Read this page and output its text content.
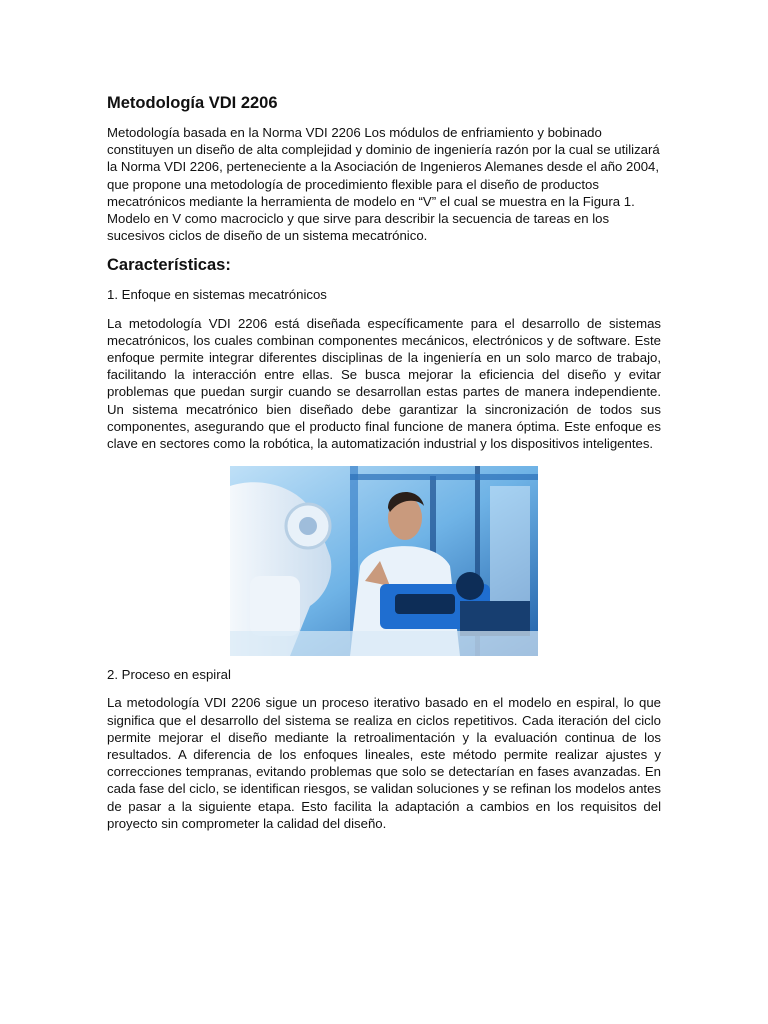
Metodología VDI 2206

Metodología basada en la Norma VDI 2206 Los módulos de enfriamiento y bobinado constituyen un diseño de alta complejidad y dominio de ingeniería razón por la cual se utilizará la Norma VDI 2206, perteneciente a la Asociación de Ingenieros Alemanes desde el año 2004, que propone una metodología de procedimiento flexible para el diseño de productos mecatrónicos mediante la herramienta de modelo en “V” el cual se muestra en la Figura 1. Modelo en V como macrociclo y que sirve para describir la secuencia de tareas en los sucesivos ciclos de diseño de un sistema mecatrónico.

Características:

1. Enfoque en sistemas mecatrónicos

La metodología VDI 2206 está diseñada específicamente para el desarrollo de sistemas mecatrónicos, los cuales combinan componentes mecánicos, electrónicos y de software. Este enfoque permite integrar diferentes disciplinas de la ingeniería en un solo marco de trabajo, facilitando la interacción entre ellas. Se busca mejorar la eficiencia del diseño y evitar problemas que puedan surgir cuando se desarrollan estas partes de manera independiente. Un sistema mecatrónico bien diseñado debe garantizar la sincronización de todos sus componentes, asegurando que el producto final funcione de manera óptima. Este enfoque es clave en sectores como la robótica, la automatización industrial y los dispositivos inteligentes.

2. Proceso en espiral

La metodología VDI 2206 sigue un proceso iterativo basado en el modelo en espiral, lo que significa que el desarrollo del sistema se realiza en ciclos repetitivos. Cada iteración del ciclo permite mejorar el diseño mediante la retroalimentación y la evaluación continua de los resultados. A diferencia de los enfoques lineales, este método permite realizar ajustes y correcciones tempranas, evitando problemas que solo se detectarían en fases avanzadas. En cada fase del ciclo, se identifican riesgos, se validan soluciones y se refinan los modelos antes de pasar a la siguiente etapa. Esto facilita la adaptación a cambios en los requisitos del proyecto sin comprometer la calidad del diseño.
